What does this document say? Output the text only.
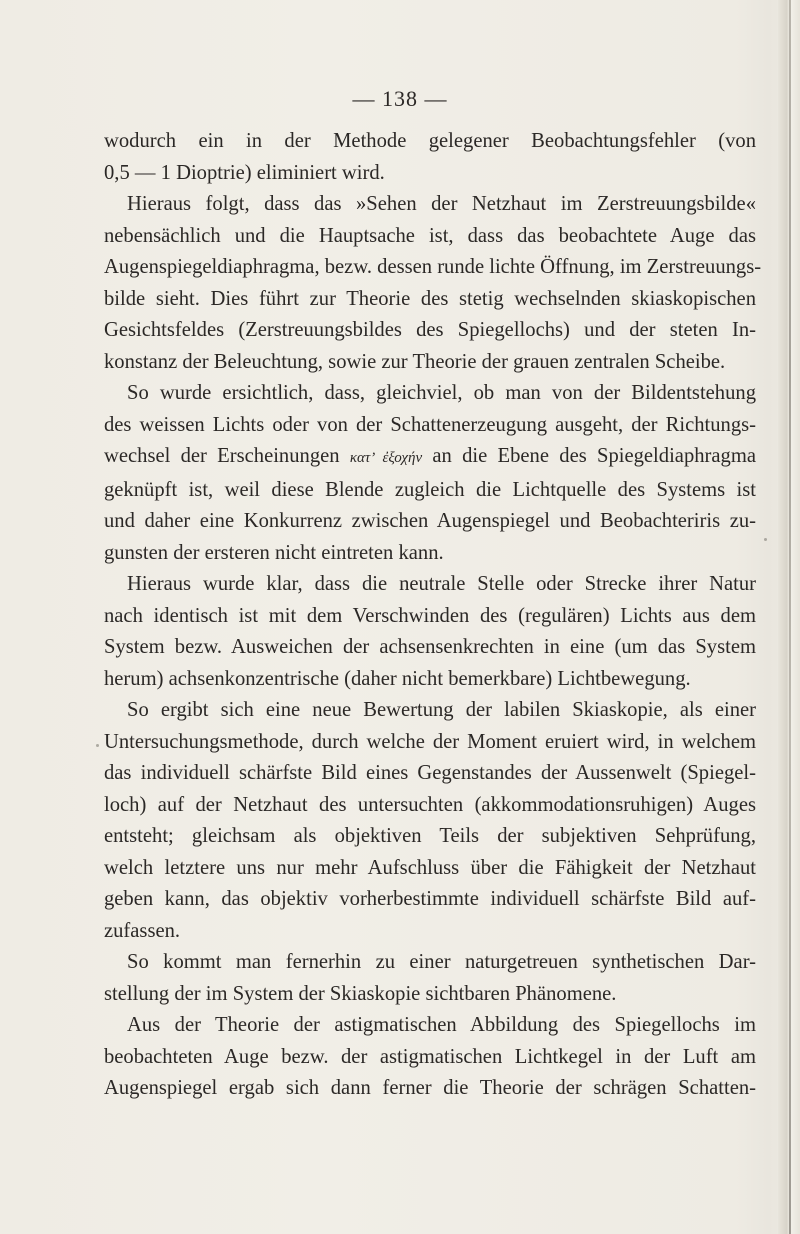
— 138 —
wodurch ein in der Methode gelegener Beobachtungsfehler (von
0,5 — 1 Dioptrie) eliminiert wird.
Hieraus folgt, dass das »Sehen der Netzhaut im Zerstreuungsbilde«
nebensächlich und die Hauptsache ist, dass das beobachtete Auge das
Augenspiegeldiaphragma, bezw. dessen runde lichte Öffnung, im Zerstreuungs-
bilde sieht. Dies führt zur Theorie des stetig wechselnden skiaskopischen
Gesichtsfeldes (Zerstreuungsbildes des Spiegellochs) und der steten In-
konstanz der Beleuchtung, sowie zur Theorie der grauen zentralen Scheibe.
So wurde ersichtlich, dass, gleichviel, ob man von der Bildentstehung
des weissen Lichts oder von der Schattenerzeugung ausgeht, der Richtungs-
wechsel der Erscheinungen κατ’ ἐξοχήν an die Ebene des Spiegeldiaphragma
geknüpft ist, weil diese Blende zugleich die Lichtquelle des Systems ist
und daher eine Konkurrenz zwischen Augenspiegel und Beobachteriris zu-
gunsten der ersteren nicht eintreten kann.
Hieraus wurde klar, dass die neutrale Stelle oder Strecke ihrer Natur
nach identisch ist mit dem Verschwinden des (regulären) Lichts aus dem
System bezw. Ausweichen der achsensenkrechten in eine (um das System
herum) achsenkonzentrische (daher nicht bemerkbare) Lichtbewegung.
So ergibt sich eine neue Bewertung der labilen Skiaskopie, als einer
Untersuchungsmethode, durch welche der Moment eruiert wird, in welchem
das individuell schärfste Bild eines Gegenstandes der Aussenwelt (Spiegel-
loch) auf der Netzhaut des untersuchten (akkommodationsruhigen) Auges
entsteht; gleichsam als objektiven Teils der subjektiven Sehprüfung,
welch letztere uns nur mehr Aufschluss über die Fähigkeit der Netzhaut
geben kann, das objektiv vorherbestimmte individuell schärfste Bild auf-
zufassen.
So kommt man fernerhin zu einer naturgetreuen synthetischen Dar-
stellung der im System der Skiaskopie sichtbaren Phänomene.
Aus der Theorie der astigmatischen Abbildung des Spiegellochs im
beobachteten Auge bezw. der astigmatischen Lichtkegel in der Luft am
Augenspiegel ergab sich dann ferner die Theorie der schrägen Schatten-
